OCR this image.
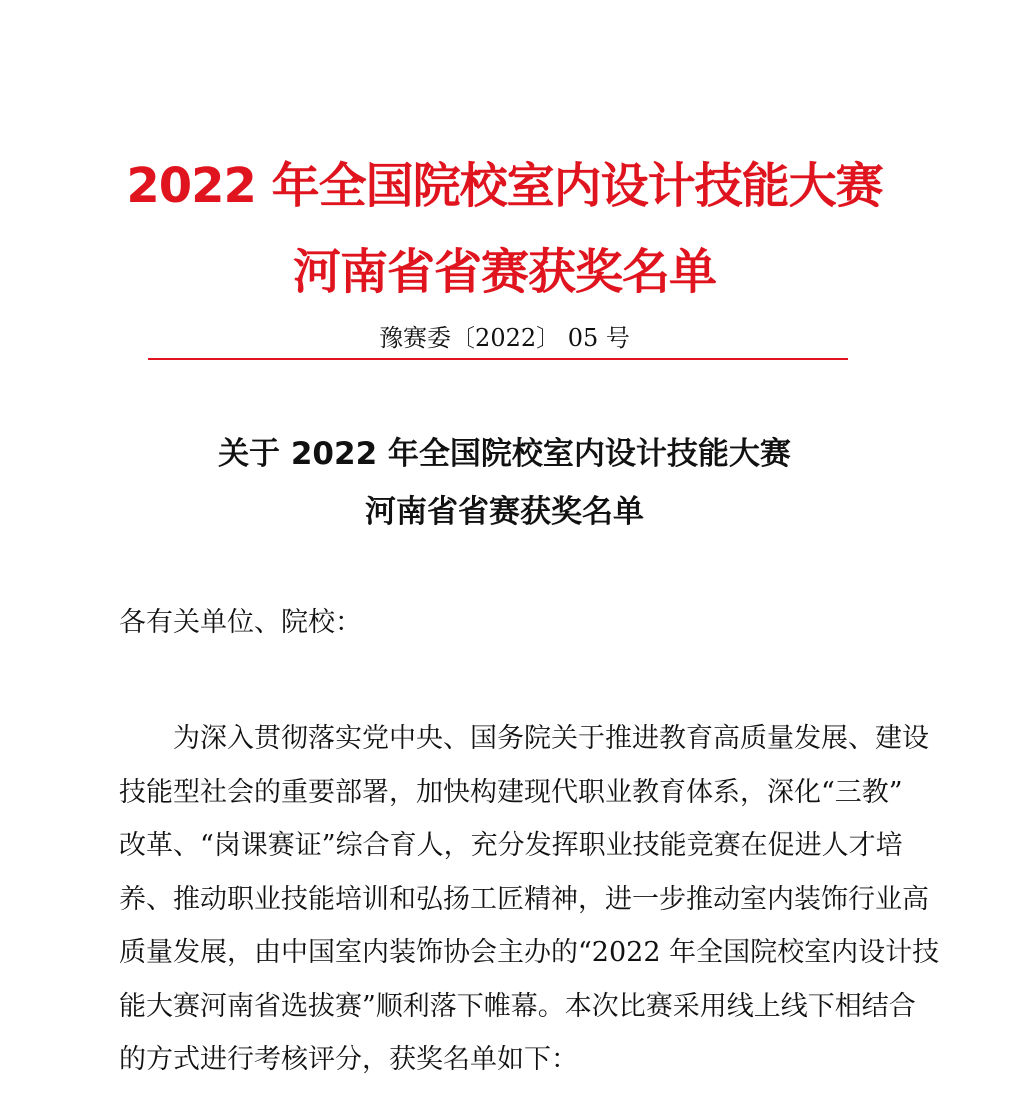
2022 年全国院校室内设计技能大赛
河南省省赛获奖名单
豫赛委〔2022〕 05 号
关于 2022 年全国院校室内设计技能大赛
河南省省赛获奖名单
各有关单位、院校：
为深入贯彻落实党中央、国务院关于推进教育高质量发展、建设
技能型社会的重要部署，加快构建现代职业教育体系，深化“三教”
改革、“岗课赛证”综合育人，充分发挥职业技能竞赛在促进人才培
养、推动职业技能培训和弘扬工匠精神，进一步推动室内装饰行业高
质量发展，由中国室内装饰协会主办的“2022 年全国院校室内设计技
能大赛河南省选拔赛”顺利落下帷幕。本次比赛采用线上线下相结合
的方式进行考核评分，获奖名单如下：
